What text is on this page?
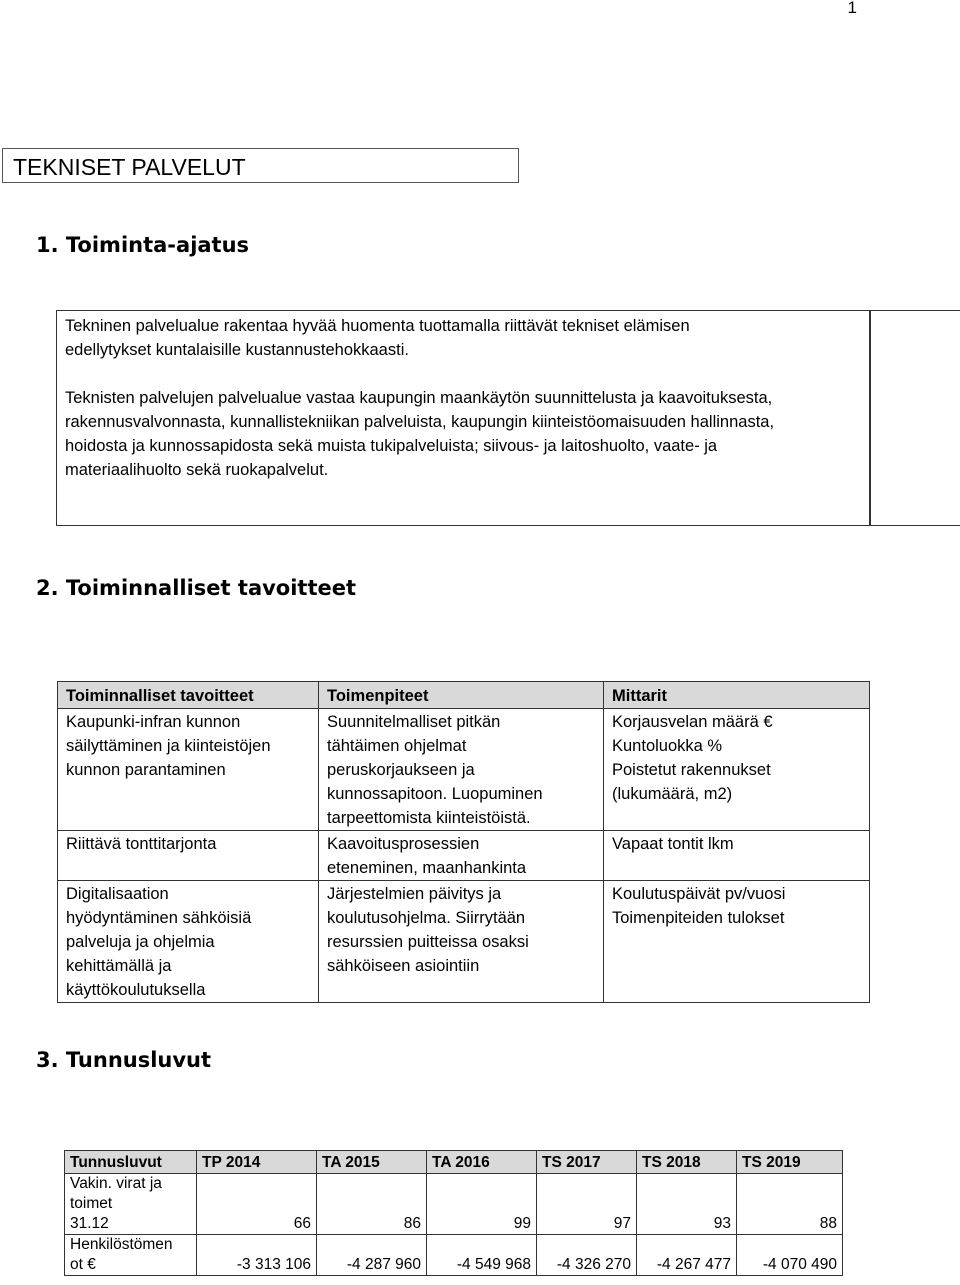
1
TEKNISET PALVELUT
1. Toiminta-ajatus

Tekninen palvelualue rakentaa hyvää huomenta tuottamalla riittävät tekniset elämisen
edellytykset kuntalaisille kustannustehokkaasti.

Teknisten palvelujen palvelualue vastaa kaupungin maankäytön suunnittelusta ja kaavoituksesta,
rakennusvalvonnasta, kunnallistekniikan palveluista, kaupungin kiinteistöomaisuuden hallinnasta,
hoidosta ja kunnossapidosta sekä muista tukipalveluista; siivous- ja laitoshuolto, vaate- ja
materiaalihuolto sekä ruokapalvelut.

2. Toiminnalliset tavoitteet
Toiminnalliset tavoitteet	Toimenpiteet	Mittarit
Kaupunki-infran kunnon
säilyttäminen ja kiinteistöjen
kunnon parantaminen	Suunnitelmalliset pitkän
tähtäimen ohjelmat
peruskorjaukseen ja
kunnossapitoon. Luopuminen
tarpeettomista kiinteistöistä.	Korjausvelan määrä €
Kuntoluokka %
Poistetut rakennukset
(lukumäärä, m2)
Riittävä tonttitarjonta	Kaavoitusprosessien
eteneminen, maanhankinta	Vapaat tontit lkm
Digitalisaation
hyödyntäminen sähköisiä
palveluja ja ohjelmia
kehittämällä ja
käyttökoulutuksella	Järjestelmien päivitys ja
koulutusohjelma. Siirrytään
resurssien puitteissa osaksi
sähköiseen asiointiin	Koulutuspäivät pv/vuosi
Toimenpiteiden tulokset
3. Tunnusluvut
Tunnusluvut	TP 2014	TA 2015	TA 2016	TS 2017	TS 2018	TS 2019
Vakin. virat ja
toimet
31.12	66	86	99	97	93	88
Henkilöstömen
ot €	-3 313 106	-4 287 960	-4 549 968	-4 326 270	-4 267 477	-4 070 490
